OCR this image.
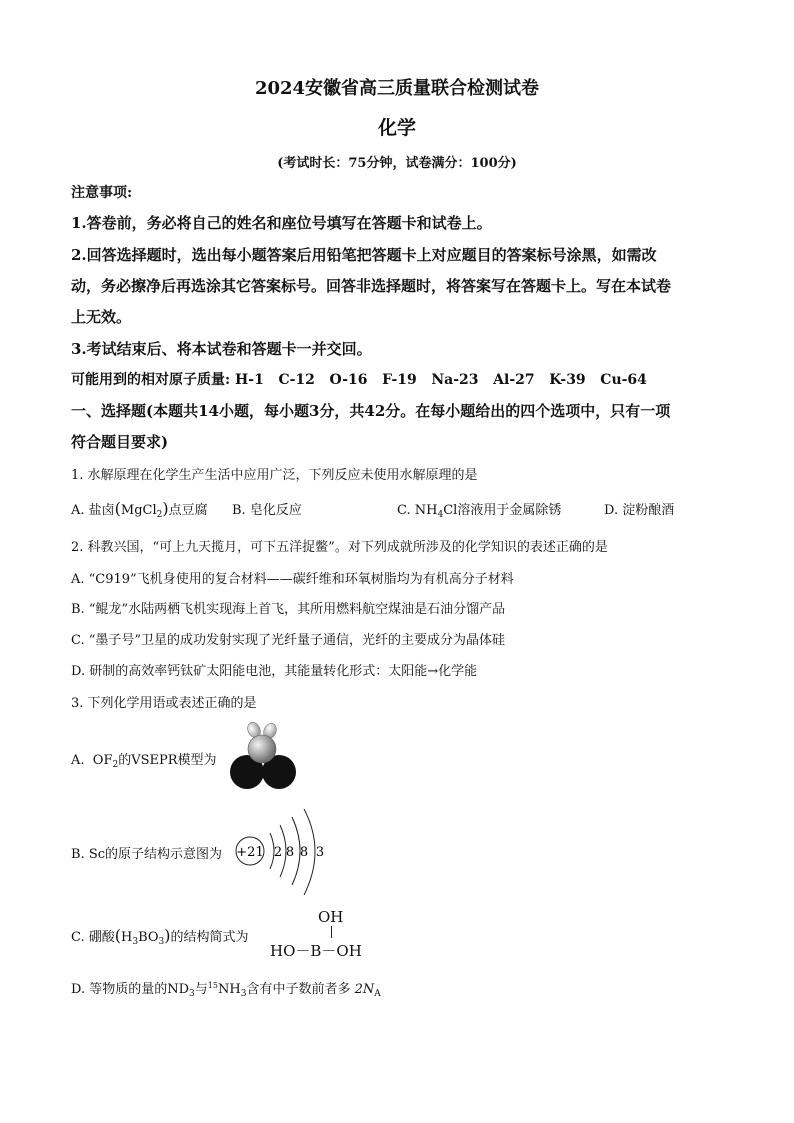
2024安徽省高三质量联合检测试卷
化学
(考试时长：75分钟，试卷满分：100分)
注意事项:
1.答卷前，务必将自己的姓名和座位号填写在答题卡和试卷上。
2.回答选择题时，选出每小题答案后用铅笔把答题卡上对应题目的答案标号涂黑，如需改
动，务必擦净后再选涂其它答案标号。回答非选择题时，将答案写在答题卡上。写在本试卷
上无效。
3.考试结束后、将本试卷和答题卡一并交回。
可能用到的相对原子质量: H-1   C-12   O-16   F-19   Na-23   Al-27   K-39   Cu-64
一、选择题(本题共14小题，每小题3分，共42分。在每小题给出的四个选项中，只有一项
符合题目要求)
1. 水解原理在化学生产生活中应用广泛，下列反应未使用水解原理的是
A. 盐卤(MgCl$_2$)点豆腐 B. 皂化反应	C. $NH_4Cl$溶液用于金属除锈	D. 淀粉酿酒
2. 科教兴国，“可上九天揽月，可下五洋捉鳖”。对下列成就所涉及的化学知识的表述正确的是
A. “C919”飞机身使用的复合材料——碳纤维和环氧树脂均为有机高分子材料
B. “鲲龙”水陆两栖飞机实现海上首飞，其所用燃料航空煤油是石油分馏产品
C. “墨子号”卫星的成功发射实现了光纤量子通信，光纤的主要成分为晶体硅
D. 研制的高效率钙钛矿太阳能电池，其能量转化形式：太阳能→化学能
3. 下列化学用语或表述正确的是
A. $OF_2$的VSEPR模型为
B. Sc的原子结构示意图为 +21 2 8 8 3
C. 硼酸$(H_3BO_3)$的结构简式为
OH
HO－B－OH
D. 等物质的量的$ND_3$与$^{15}NH_3$含有中子数前者多 $2N_A$
